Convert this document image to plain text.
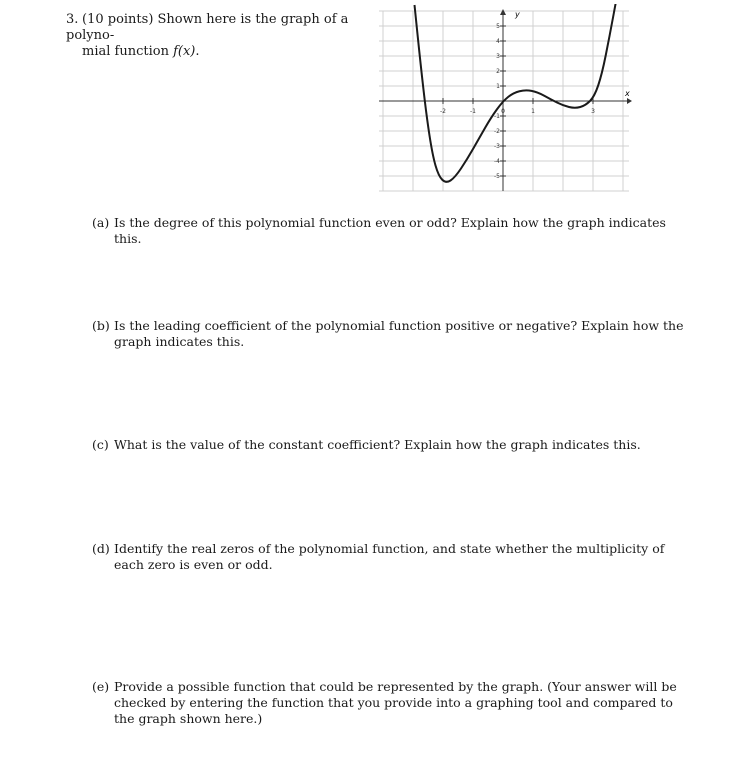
3. (10 points) Shown here is the graph of a polyno-
mial function f(x).
-2	-1	0	1	3
5
4
3
2
1
-1
-2
-3
-4
-5
x
y
(a) Is the degree of this polynomial function even or odd? Explain how the graph indicates this.
(b) Is the leading coefficient of the polynomial function positive or negative? Explain how the graph indicates this.
(c) What is the value of the constant coefficient? Explain how the graph indicates this.
(d) Identify the real zeros of the polynomial function, and state whether the multiplicity of each zero is even or odd.
(e) Provide a possible function that could be represented by the graph. (Your answer will be checked by entering the function that you provide into a graphing tool and compared to the graph shown here.)
